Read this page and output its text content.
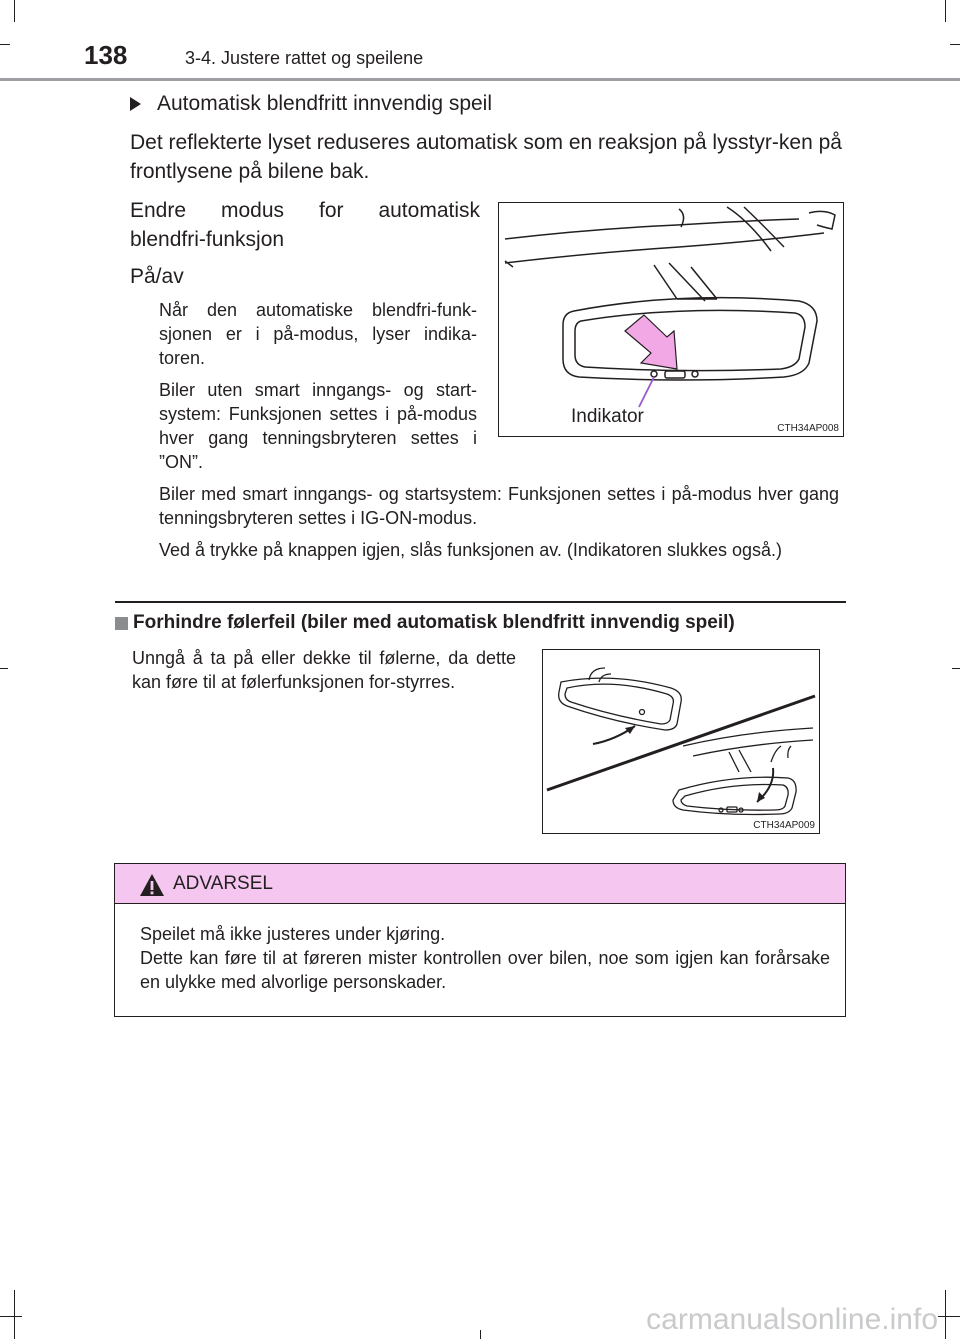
138	3-4. Justere rattet og speilene
Automatisk blendfritt innvendig speil
Det reflekterte lyset reduseres automatisk som en reaksjon på lysstyr-ken på frontlysene på bilene bak.
Endre modus for automatisk
blendfri-funksjon
På/av
Når den automatiske blendfri-funk-sjonen er i på-modus, lyser indika-toren.
Biler uten smart inngangs- og start-system: Funksjonen settes i på-modus hver gang tenningsbryteren settes i ”ON”.
Biler med smart inngangs- og startsystem: Funksjonen settes i på-modus hver gang tenningsbryteren settes i IG-ON-modus.
Ved å trykke på knappen igjen, slås funksjonen av. (Indikatoren slukkes også.)
Indikator
CTH34AP008
Forhindre følerfeil (biler med automatisk blendfritt innvendig speil)
Unngå å ta på eller dekke til følerne, da dette kan føre til at følerfunksjonen for-styrres.
CTH34AP009
ADVARSEL
Speilet må ikke justeres under kjøring.
Dette kan føre til at føreren mister kontrollen over bilen, noe som igjen kan forårsake en ulykke med alvorlige personskader.
carmanualsonline.info
